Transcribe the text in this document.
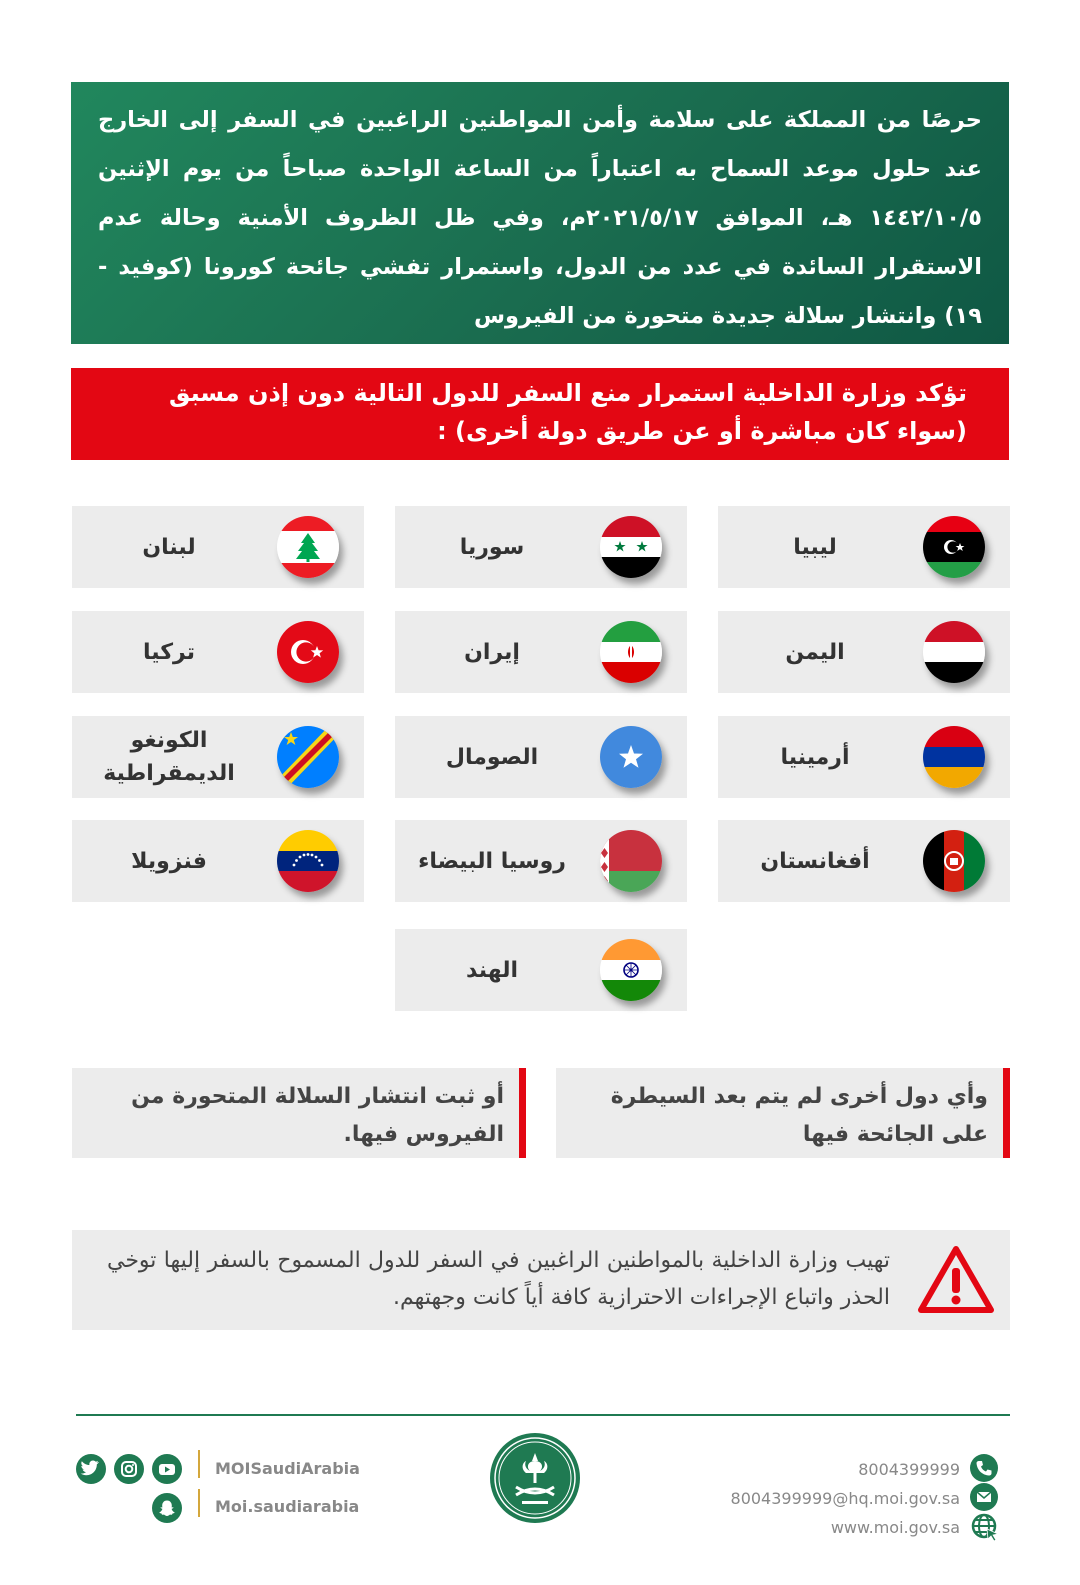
حرصًا من المملكة على سلامة وأمن المواطنين الراغبين في السفر إلى الخارج عند حلول موعد السماح به اعتباراً من الساعة الواحدة صباحاً من يوم الإثنين ١٤٤٢/١٠/٥ هـ، الموافق ٢٠٢١/٥/١٧م، وفي ظل الظروف الأمنية وحالة عدم الاستقرار السائدة في عدد من الدول، واستمرار تفشي جائحة كورونا (كوفيد - ١٩) وانتشار سلالة جديدة متحورة من الفيروس
تؤكد وزارة الداخلية استمرار منع السفر للدول التالية دون إذن مسبق (سواء كان مباشرة أو عن طريق دولة أخرى) :
ليبيا
سوريا
لبنان
اليمن
إيران
تركيا
أرمينيا
الصومال
الكونغو الديمقراطية
أفغانستان
روسيا البيضاء
فنزويلا
الهند
وأي دول أخرى لم يتم بعد السيطرة على الجائحة فيها
أو ثبت انتشار السلالة المتحورة من الفيروس فيها.
تهيب وزارة الداخلية بالمواطنين الراغبين في السفر للدول المسموح بالسفر إليها توخي الحذر واتباع الإجراءات الاحترازية كافة أياً كانت وجهتهم.
MOISaudiArabia
Moi.saudiarabia
8004399999
8004399999@hq.moi.gov.sa
www.moi.gov.sa
